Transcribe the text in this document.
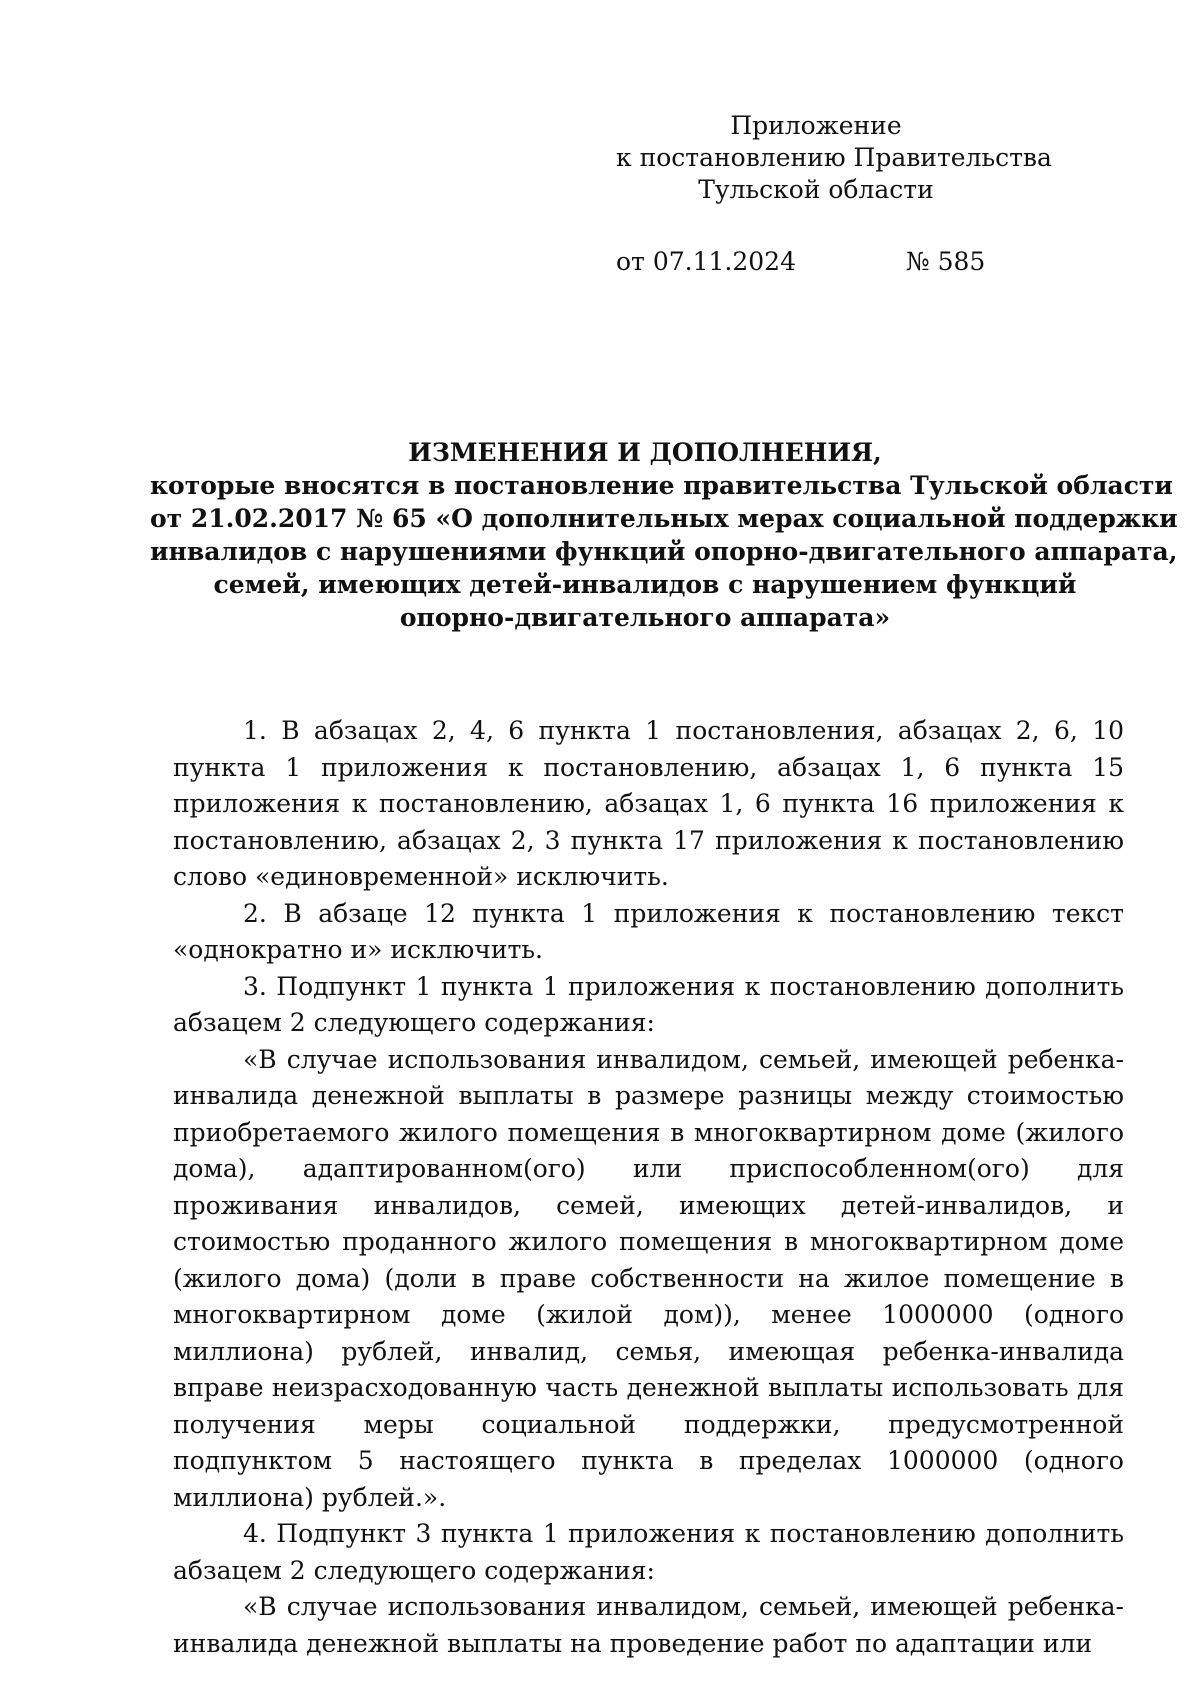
Приложение
к постановлению Правительства
Тульской области
от 07.11.2024	№ 585
ИЗМЕНЕНИЯ И ДОПОЛНЕНИЯ,
которые вносятся в постановление правительства Тульской области
от 21.02.2017 № 65 «О дополнительных мерах социальной поддержки
инвалидов с нарушениями функций опорно-двигательного аппарата,
семей, имеющих детей-инвалидов с нарушением функций
опорно-двигательного аппарата»

1. В абзацах 2, 4, 6 пункта 1 постановления, абзацах 2, 6, 10 пункта 1 приложения к постановлению, абзацах 1, 6 пункта 15 приложения к постановлению, абзацах 1, 6 пункта 16 приложения к постановлению, абзацах 2, 3 пункта 17 приложения к постановлению слово «единовременной» исключить.

2. В абзаце 12 пункта 1 приложения к постановлению текст «однократно и» исключить.

3. Подпункт 1 пункта 1 приложения к постановлению дополнить абзацем 2 следующего содержания:

«В случае использования инвалидом, семьей, имеющей ребенка-инвалида денежной выплаты в размере разницы между стоимостью приобретаемого жилого помещения в многоквартирном доме (жилого дома), адаптированном(ого) или приспособленном(ого) для проживания инвалидов, семей, имеющих детей-инвалидов, и стоимостью проданного жилого помещения в многоквартирном доме (жилого дома) (доли в праве собственности на жилое помещение в многоквартирном доме (жилой дом)), менее 1000000 (одного миллиона) рублей, инвалид, семья, имеющая ребенка-инвалида вправе неизрасходованную часть денежной выплаты использовать для получения меры социальной поддержки, предусмотренной подпунктом 5 настоящего пункта в пределах 1000000 (одного миллиона) рублей.».

4. Подпункт 3 пункта 1 приложения к постановлению дополнить абзацем 2 следующего содержания:

«В случае использования инвалидом, семьей, имеющей ребенка-инвалида денежной выплаты на проведение работ по адаптации или
